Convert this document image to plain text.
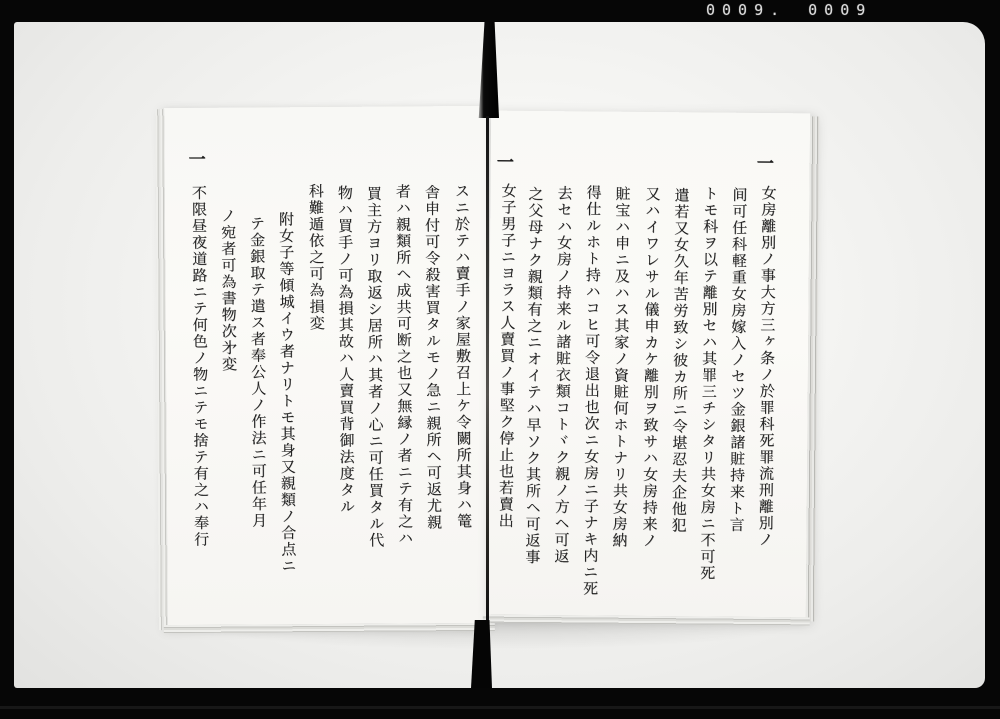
0009. 0009
一
スニ於テハ賣手ノ家屋敷召上ケ令闕所其身ハ篭
舎申付可令殺害買タルモノ急ニ親所ヘ可返尤親
者ハ親類所ヘ成共可断之也又無縁ノ者ニテ有之ハ
買主方ヨリ取返シ居所ハ其者ノ心ニ可任買タル代
物ハ買手ノ可為損其故ハ人賣買背御法度タル
科難遁依之可為損変
附女子等傾城イウ者ナリトモ其身又親類ノ合点ニ
テ金銀取テ遣ス者奉公人ノ作法ニ可任年月
ノ宛者可為書物次㐧変
不限昼夜道路ニテ何色ノ物ニテモ捨テ有之ハ奉行
一
一
女房離別ノ事大方三ヶ条ノ於罪科死罪流刑離別ノ
间可任科軽重女房嫁入ノセツ金銀諸賍持来ト言
トモ科ヲ以テ離別セハ其罪三チシタリ共女房ニ不可死
遣若又女久年苦労致シ彼カ所ニ令堪忍夫企他犯
又ハイワレサル儀申カケ離別ヲ致サハ女房持来ノ
賍宝ハ申ニ及ハス其家ノ資賍何ホトナリ共女房納
得仕ルホト持ハコヒ可令退出也次ニ女房ニ子ナキ内ニ死
去セハ女房ノ持来ル諸賍衣類コトヾク親ノ方ヘ可返
之父母ナク親類有之ニオイテハ早ソク其所ヘ可返事
女子男子ニヨラス人賣買ノ事堅ク停止也若賣出
